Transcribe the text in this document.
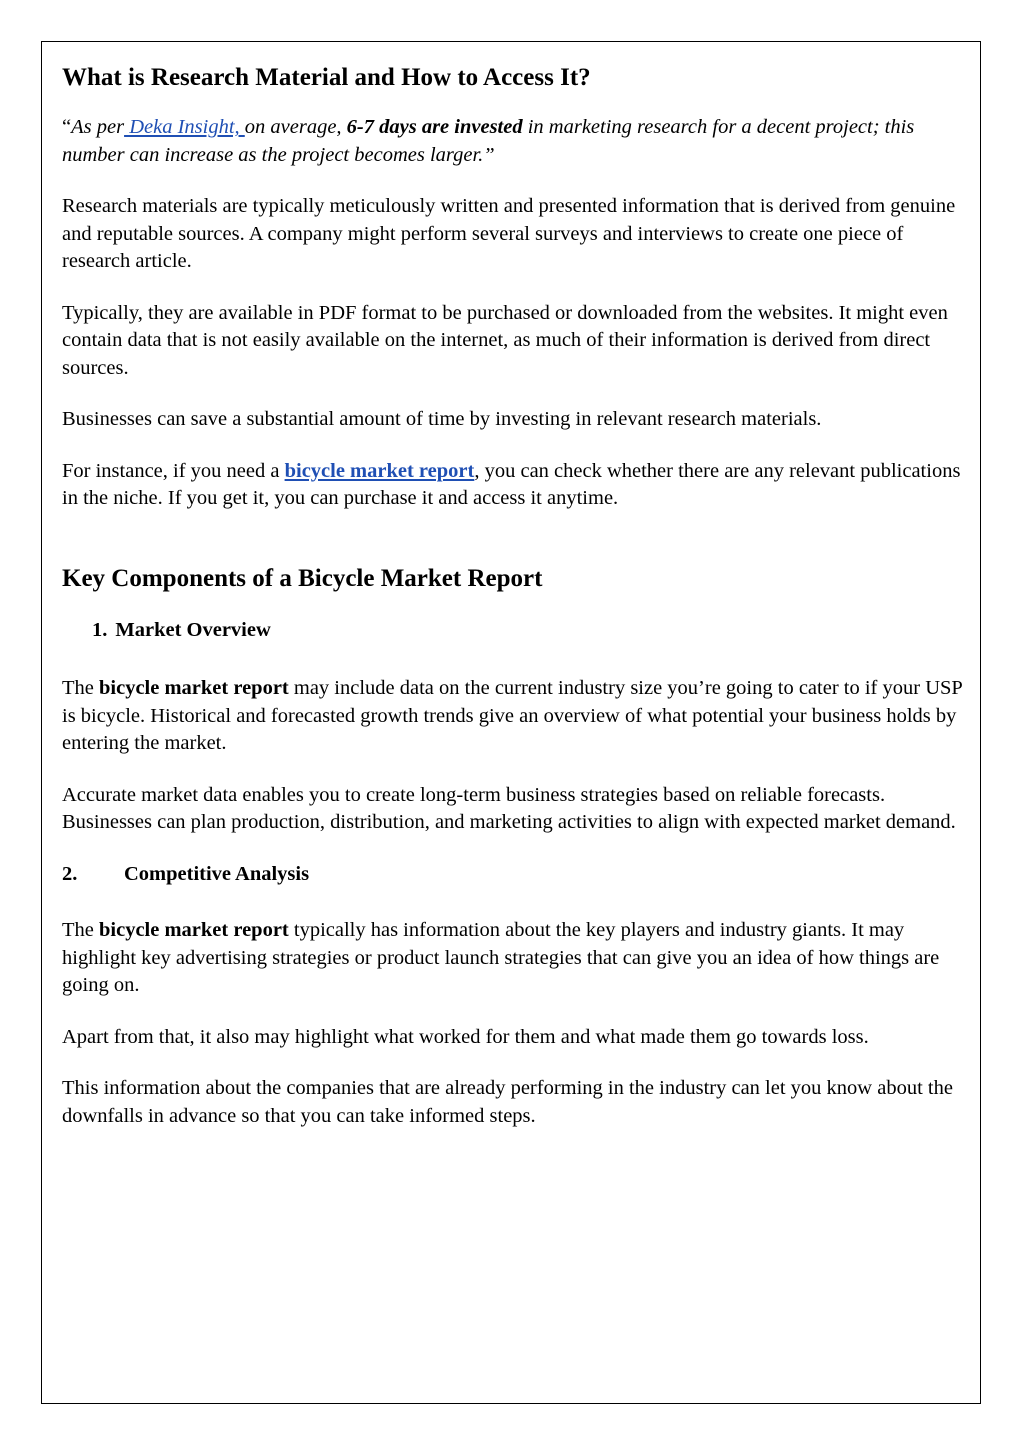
What is Research Material and How to Access It?

“As per Deka Insight, on average, 6-7 days are invested in marketing research for a decent project; this number can increase as the project becomes larger.”

Research materials are typically meticulously written and presented information that is derived from genuine and reputable sources. A company might perform several surveys and interviews to create one piece of research article.

Typically, they are available in PDF format to be purchased or downloaded from the websites. It might even contain data that is not easily available on the internet, as much of their information is derived from direct sources.

Businesses can save a substantial amount of time by investing in relevant research materials.

For instance, if you need a bicycle market report, you can check whether there are any relevant publications in the niche. If you get it, you can purchase it and access it anytime.

Key Components of a Bicycle Market Report
1. Market Overview

The bicycle market report may include data on the current industry size you’re going to cater to if your USP is bicycle. Historical and forecasted growth trends give an overview of what potential your business holds by entering the market.

Accurate market data enables you to create long-term business strategies based on reliable forecasts. Businesses can plan production, distribution, and marketing activities to align with expected market demand.

2. Competitive Analysis

The bicycle market report typically has information about the key players and industry giants. It may highlight key advertising strategies or product launch strategies that can give you an idea of how things are going on.

Apart from that, it also may highlight what worked for them and what made them go towards loss.

This information about the companies that are already performing in the industry can let you know about the downfalls in advance so that you can take informed steps.
